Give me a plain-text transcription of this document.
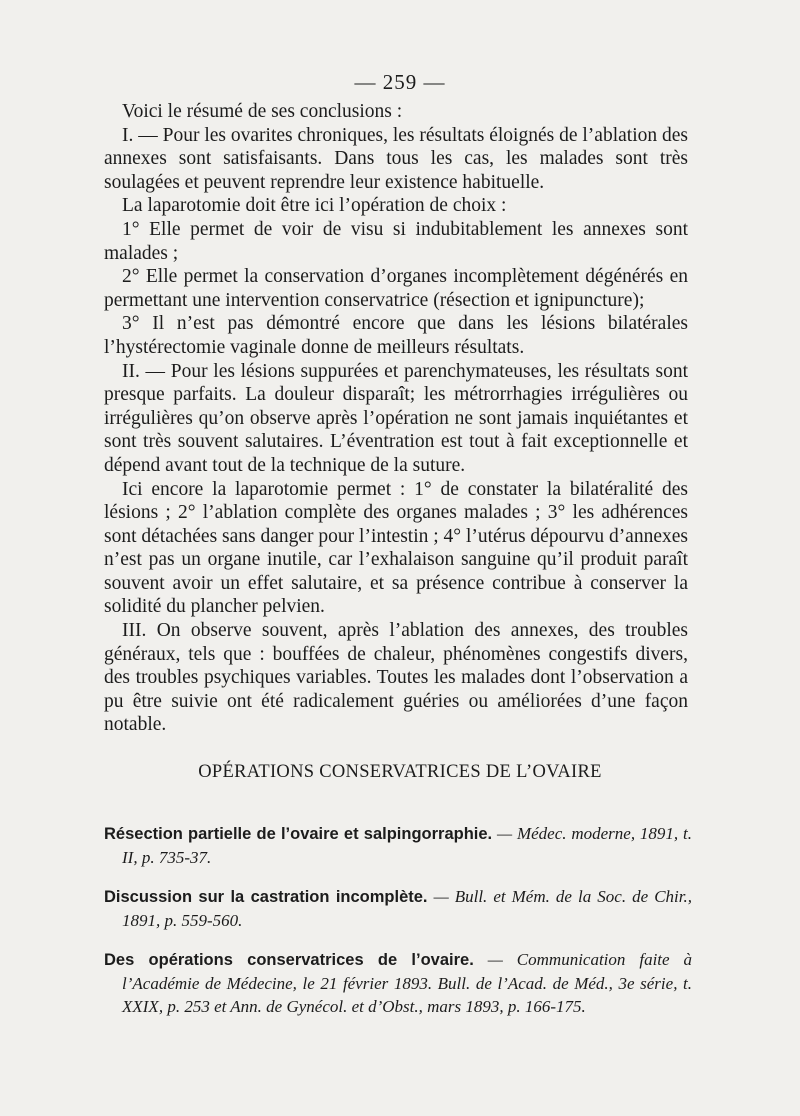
— 259 —

Voici le résumé de ses conclusions :

I. — Pour les ovarites chroniques, les résultats éloignés de l’ablation des annexes sont satisfaisants. Dans tous les cas, les malades sont très soulagées et peuvent reprendre leur existence habituelle.

La laparotomie doit être ici l’opération de choix :

1° Elle permet de voir de visu si indubitablement les annexes sont malades ;

2° Elle permet la conservation d’organes incomplètement dégénérés en permettant une intervention conservatrice (résection et ignipuncture);

3° Il n’est pas démontré encore que dans les lésions bilatérales l’hystérectomie vaginale donne de meilleurs résultats.

II. — Pour les lésions suppurées et parenchymateuses, les résultats sont presque parfaits. La douleur disparaît; les métrorrhagies irrégulières ou irrégulières qu’on observe après l’opération ne sont jamais inquiétantes et sont très souvent salutaires. L’éventration est tout à fait exceptionnelle et dépend avant tout de la technique de la suture.

Ici encore la laparotomie permet : 1° de constater la bilatéralité des lésions ; 2° l’ablation complète des organes malades ; 3° les adhérences sont détachées sans danger pour l’intestin ; 4° l’utérus dépourvu d’annexes n’est pas un organe inutile, car l’exhalaison sanguine qu’il produit paraît souvent avoir un effet salutaire, et sa présence contribue à conserver la solidité du plancher pelvien.

III. On observe souvent, après l’ablation des annexes, des troubles généraux, tels que : bouffées de chaleur, phénomènes congestifs divers, des troubles psychiques variables. Toutes les malades dont l’observation a pu être suivie ont été radicalement guéries ou améliorées d’une façon notable.

OPÉRATIONS CONSERVATRICES DE L’OVAIRE

Résection partielle de l’ovaire et salpingorraphie. — Médec. moderne, 1891, t. II, p. 735-37.

Discussion sur la castration incomplète. — Bull. et Mém. de la Soc. de Chir., 1891, p. 559-560.

Des opérations conservatrices de l’ovaire. — Communication faite à l’Académie de Médecine, le 21 février 1893. Bull. de l’Acad. de Méd., 3e série, t. XXIX, p. 253 et Ann. de Gynécol. et d’Obst., mars 1893, p. 166-175.
